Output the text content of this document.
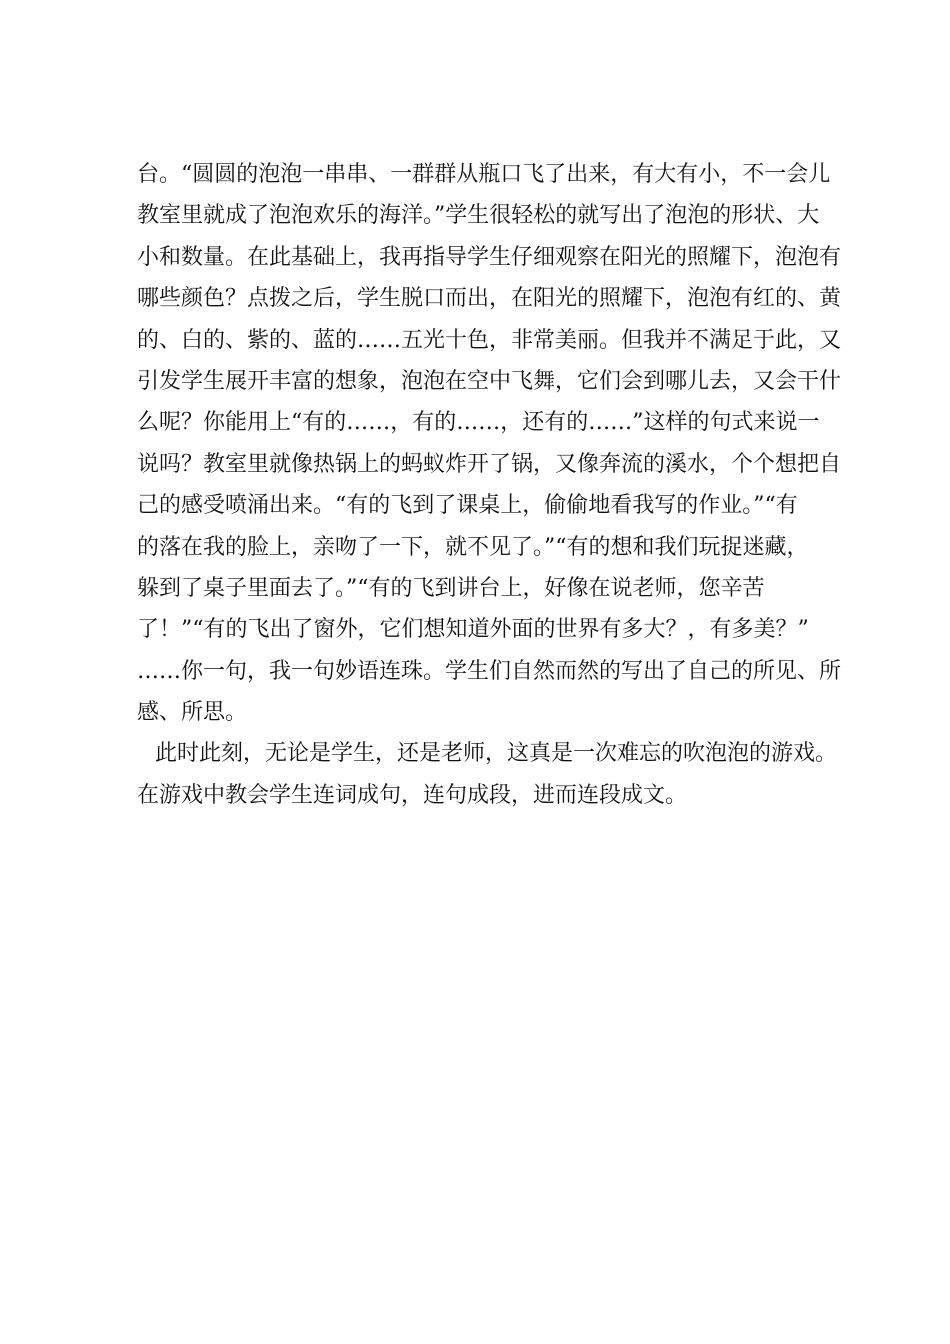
台。“圆圆的泡泡一串串、一群群从瓶口飞了出来，有大有小，不一会儿
教室里就成了泡泡欢乐的海洋。”学生很轻松的就写出了泡泡的形状、大
小和数量。在此基础上，我再指导学生仔细观察在阳光的照耀下，泡泡有
哪些颜色？点拨之后，学生脱口而出，在阳光的照耀下，泡泡有红的、黄
的、白的、紫的、蓝的……五光十色，非常美丽。但我并不满足于此，又
引发学生展开丰富的想象，泡泡在空中飞舞，它们会到哪儿去，又会干什
么呢？你能用上“有的……，有的……，还有的……”这样的句式来说一
说吗？教室里就像热锅上的蚂蚁炸开了锅，又像奔流的溪水，个个想把自
己的感受喷涌出来。“有的飞到了课桌上，偷偷地看我写的作业。”“有
的落在我的脸上，亲吻了一下，就不见了。”“有的想和我们玩捉迷藏，
躲到了桌子里面去了。”“有的飞到讲台上，好像在说老师，您辛苦
了！”“有的飞出了窗外，它们想知道外面的世界有多大？，有多美？”
……你一句，我一句妙语连珠。学生们自然而然的写出了自己的所见、所
感、所思。
此时此刻，无论是学生，还是老师，这真是一次难忘的吹泡泡的游戏。
在游戏中教会学生连词成句，连句成段，进而连段成文。
